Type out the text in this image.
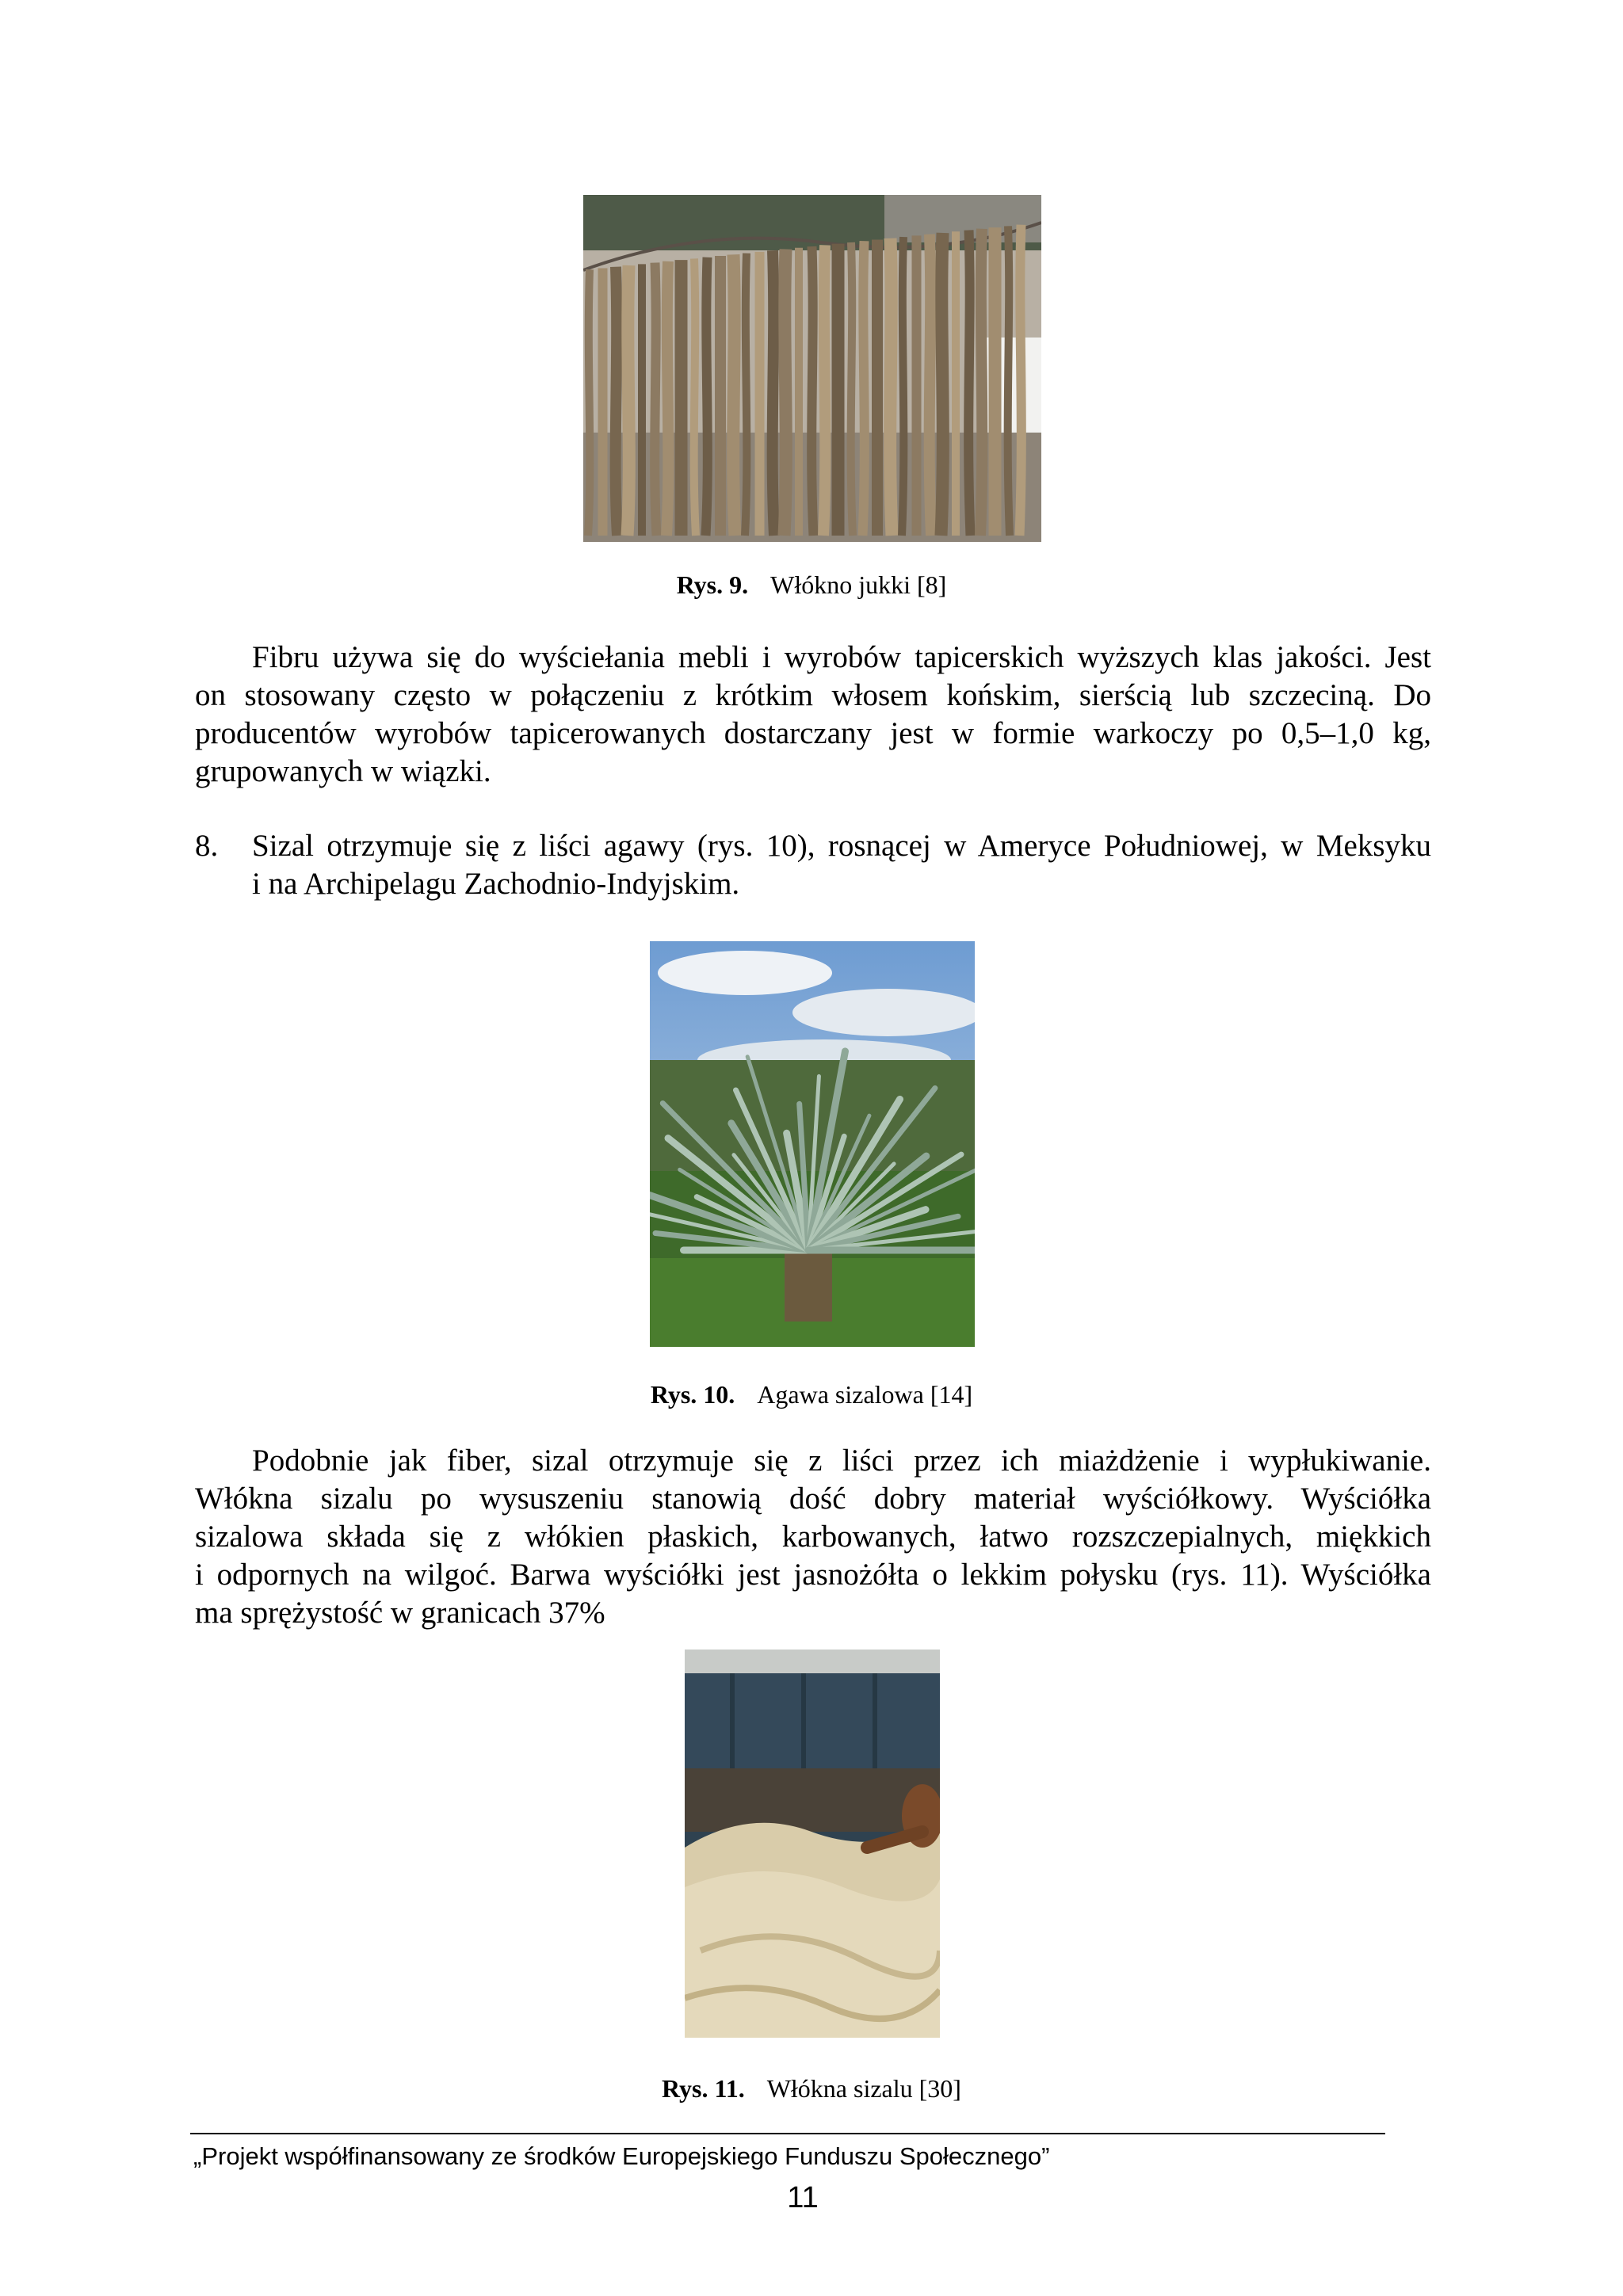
Rys. 9. Włókno jukki [8]
Fibru używa się do wyściełania mebli i wyrobów tapicerskich wyższych klas jakości. Jest
on stosowany często w połączeniu z krótkim włosem końskim, sierścią lub szczeciną. Do
producentów wyrobów tapicerowanych dostarczany jest w formie warkoczy po 0,5–1,0 kg,
grupowanych w wiązki.
8. Sizal otrzymuje się z liści agawy (rys. 10), rosnącej w Ameryce Południowej, w Meksyku
i na Archipelagu Zachodnio-Indyjskim.
Rys. 10. Agawa sizalowa [14]
Podobnie jak fiber, sizal otrzymuje się z liści przez ich miażdżenie i wypłukiwanie.
Włókna sizalu po wysuszeniu stanowią dość dobry materiał wyściółkowy. Wyściółka
sizalowa składa się z włókien płaskich, karbowanych, łatwo rozszczepialnych, miękkich
i odpornych na wilgoć. Barwa wyściółki jest jasnożółta o lekkim połysku (rys. 11). Wyściółka
ma sprężystość w granicach 37%
Rys. 11. Włókna sizalu [30]
„Projekt współfinansowany ze środków Europejskiego Funduszu Społecznego”
11
